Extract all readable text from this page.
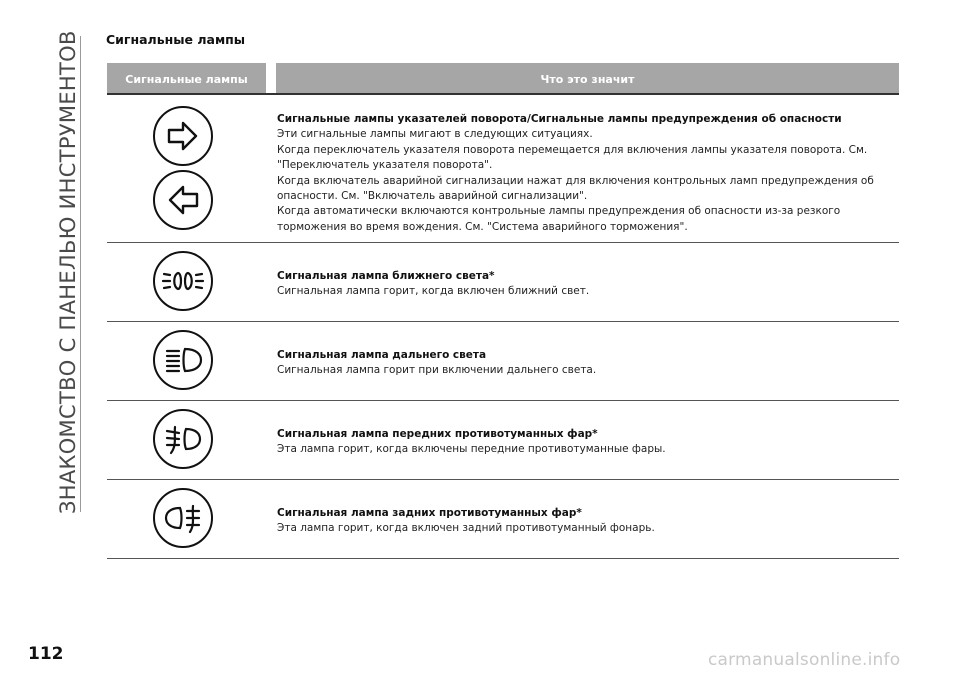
ЗНАКОМСТВО С ПАНЕЛЬЮ ИНСТРУМЕНТОВ Сигнальные лампы
Сигнальные лампы	Что это значит

Сигнальные лампы указателей поворота/Сигнальные лампы предупреждения об опасности

Эти сигнальные лампы мигают в следующих ситуациях.

Когда переключатель указателя поворота перемещается для включения лампы указателя поворота. См. "Переключатель указателя поворота".

Когда включатель аварийной сигнализации нажат для включения контрольных ламп предупреждения об опасности. См. "Включатель аварийной сигнализации".

Когда автоматически включаются контрольные лампы предупреждения об опасности из-за резкого торможения во время вождения. См. "Система аварийного торможения".

Сигнальная лампа ближнего света*

Сигнальная лампа горит, когда включен ближний свет.

Сигнальная лампа дальнего света

Сигнальная лампа горит при включении дальнего света.

Сигнальная лампа передних противотуманных фар*

Эта лампа горит, когда включены передние противотуманные фары.

Сигнальная лампа задних противотуманных фар*

Эта лампа горит, когда включен задний противотуманный фонарь.

112	carmanualsonline.info
